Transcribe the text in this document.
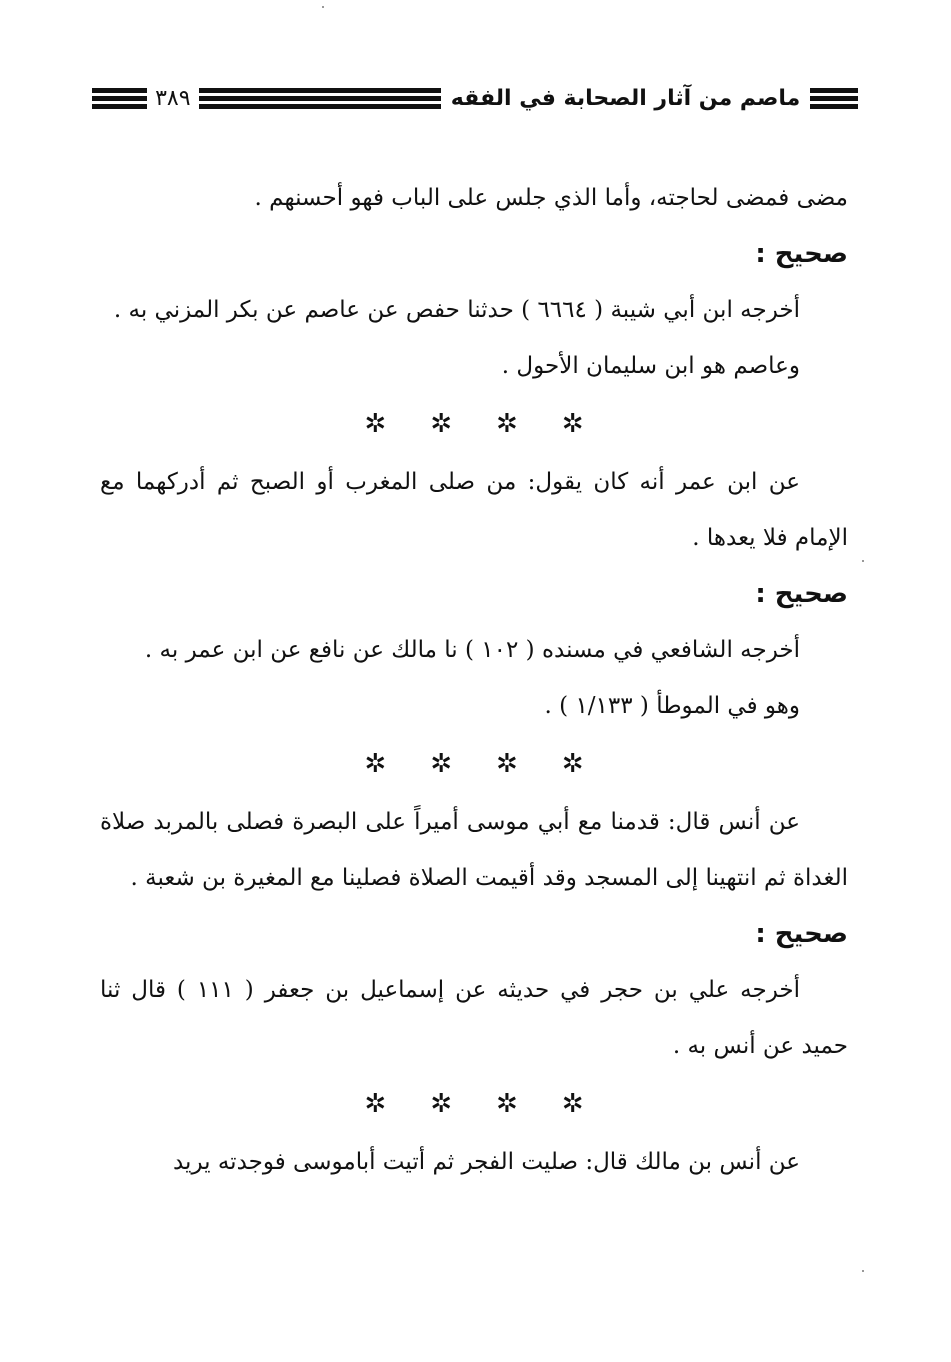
ماصم من آثار الصحابة في الفقه
٣٨٩

مضى فمضى لحاجته، وأما الذي جلس على الباب فهو أحسنهم .

صحيح :

أخرجه ابن أبي شيبة ( ٦٦٦٤ ) حدثنا حفص عن عاصم عن بكر المزني به .

وعاصم هو ابن سليمان الأحول .

✲ ✲ ✲ ✲

عن ابن عمر أنه كان يقول: من صلى المغرب أو الصبح ثم أدركهما مع الإمام فلا يعدها .

صحيح :

أخرجه الشافعي في مسنده ( ١٠٢ ) نا مالك عن نافع عن ابن عمر به .

وهو في الموطأ ( ١/١٣٣ ) .

✲ ✲ ✲ ✲

عن أنس قال: قدمنا مع أبي موسى أميراً على البصرة فصلى بالمربد صلاة الغداة ثم انتهينا إلى المسجد وقد أقيمت الصلاة فصلينا مع المغيرة بن شعبة .

صحيح :

أخرجه علي بن حجر في حديثه عن إسماعيل بن جعفر ( ١١١ ) قال ثنا حميد عن أنس به .

✲ ✲ ✲ ✲

عن أنس بن مالك قال: صليت الفجر ثم أتيت أباموسى فوجدته يريد
